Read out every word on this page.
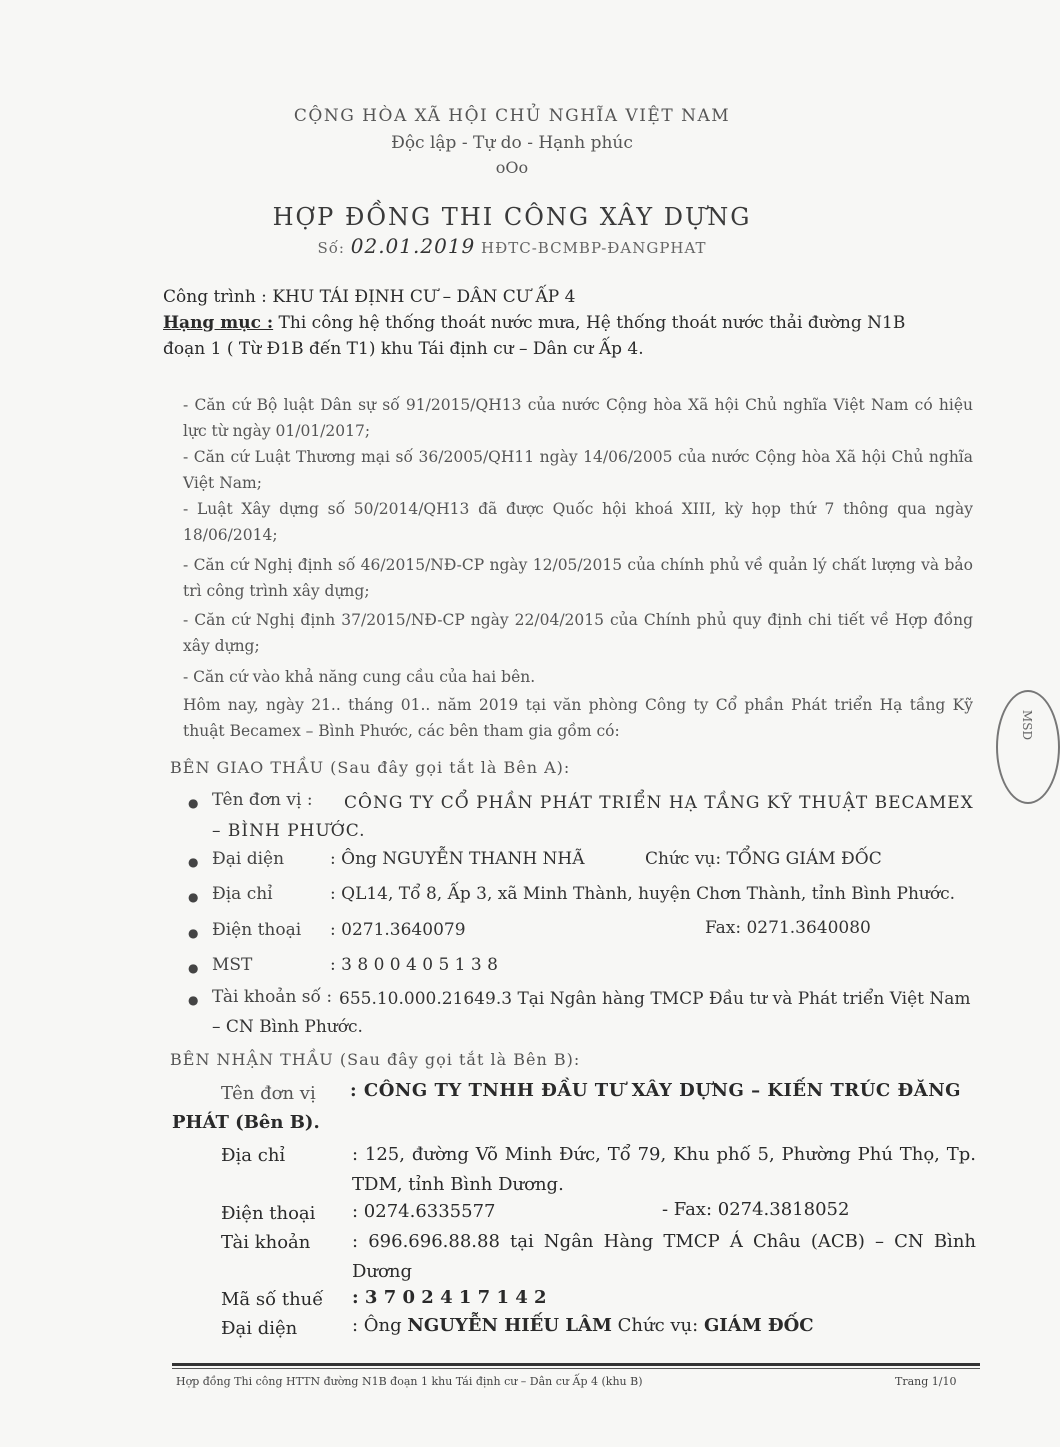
CỘNG HÒA XÃ HỘI CHỦ NGHĨA VIỆT NAM
Độc lập - Tự do - Hạnh phúc
oOo
HỢP ĐỒNG THI CÔNG XÂY DỰNG
Số: 02.01.2019 HĐTC-BCMBP-ĐANGPHAT
Công trình : KHU TÁI ĐỊNH CƯ – DÂN CƯ ẤP 4
Hạng mục : Thi công hệ thống thoát nước mưa, Hệ thống thoát nước thải đường N1B
đoạn 1 ( Từ Đ1B đến T1) khu Tái định cư – Dân cư Ấp 4.
- Căn cứ Bộ luật Dân sự số 91/2015/QH13 của nước Cộng hòa Xã hội Chủ nghĩa Việt Nam có hiệu lực từ ngày 01/01/2017;
- Căn cứ Luật Thương mại số 36/2005/QH11 ngày 14/06/2005 của nước Cộng hòa Xã hội Chủ nghĩa Việt Nam;
- Luật Xây dựng số 50/2014/QH13 đã được Quốc hội khoá XIII, kỳ họp thứ 7 thông qua ngày 18/06/2014;
- Căn cứ Nghị định số 46/2015/NĐ-CP ngày 12/05/2015 của chính phủ về quản lý chất lượng và bảo trì công trình xây dựng;
- Căn cứ Nghị định 37/2015/NĐ-CP ngày 22/04/2015 của Chính phủ quy định chi tiết về Hợp đồng xây dựng;
- Căn cứ vào khả năng cung cầu của hai bên.
Hôm nay, ngày 21.. tháng 01.. năm 2019 tại văn phòng Công ty Cổ phần Phát triển Hạ tầng Kỹ thuật Becamex – Bình Phước, các bên tham gia gồm có:
BÊN GIAO THẦU (Sau đây gọi tắt là Bên A):
● Tên đơn vị :	CÔNG TY CỔ PHẦN PHÁT TRIỂN HẠ TẦNG KỸ THUẬT BECAMEX – BÌNH PHƯỚC.
● Đại diện	: Ông NGUYỄN THANH NHÃ	Chức vụ: TỔNG GIÁM ĐỐC
● Địa chỉ	: QL14, Tổ 8, Ấp 3, xã Minh Thành, huyện Chơn Thành, tỉnh Bình Phước.
● Điện thoại : 0271.3640079	Fax: 0271.3640080
● MST	: 3 8 0 0 4 0 5 1 3 8
● Tài khoản số : 655.10.000.21649.3 Tại Ngân hàng TMCP Đầu tư và Phát triển Việt Nam – CN Bình Phước.
BÊN NHẬN THẦU (Sau đây gọi tắt là Bên B):
Tên đơn vị : CÔNG TY TNHH ĐẦU TƯ XÂY DỰNG – KIẾN TRÚC ĐĂNG
PHÁT (Bên B).
Địa chỉ	: 125, đường Võ Minh Đức, Tổ 79, Khu phố 5, Phường Phú Thọ, Tp. TDM, tỉnh Bình Dương.
Điện thoại : 0274.6335577	- Fax: 0274.3818052
Tài khoản : 696.696.88.88 tại Ngân Hàng TMCP Á Châu (ACB) – CN Bình Dương
Mã số thuế : 3 7 0 2 4 1 7 1 4 2
Đại diện	: Ông NGUYỄN HIẾU LÂM Chức vụ: GIÁM ĐỐC
Hợp đồng Thi công HTTN đường N1B đoạn 1 khu Tái định cư – Dân cư Ấp 4 (khu B)	Trang 1/10
MSD
